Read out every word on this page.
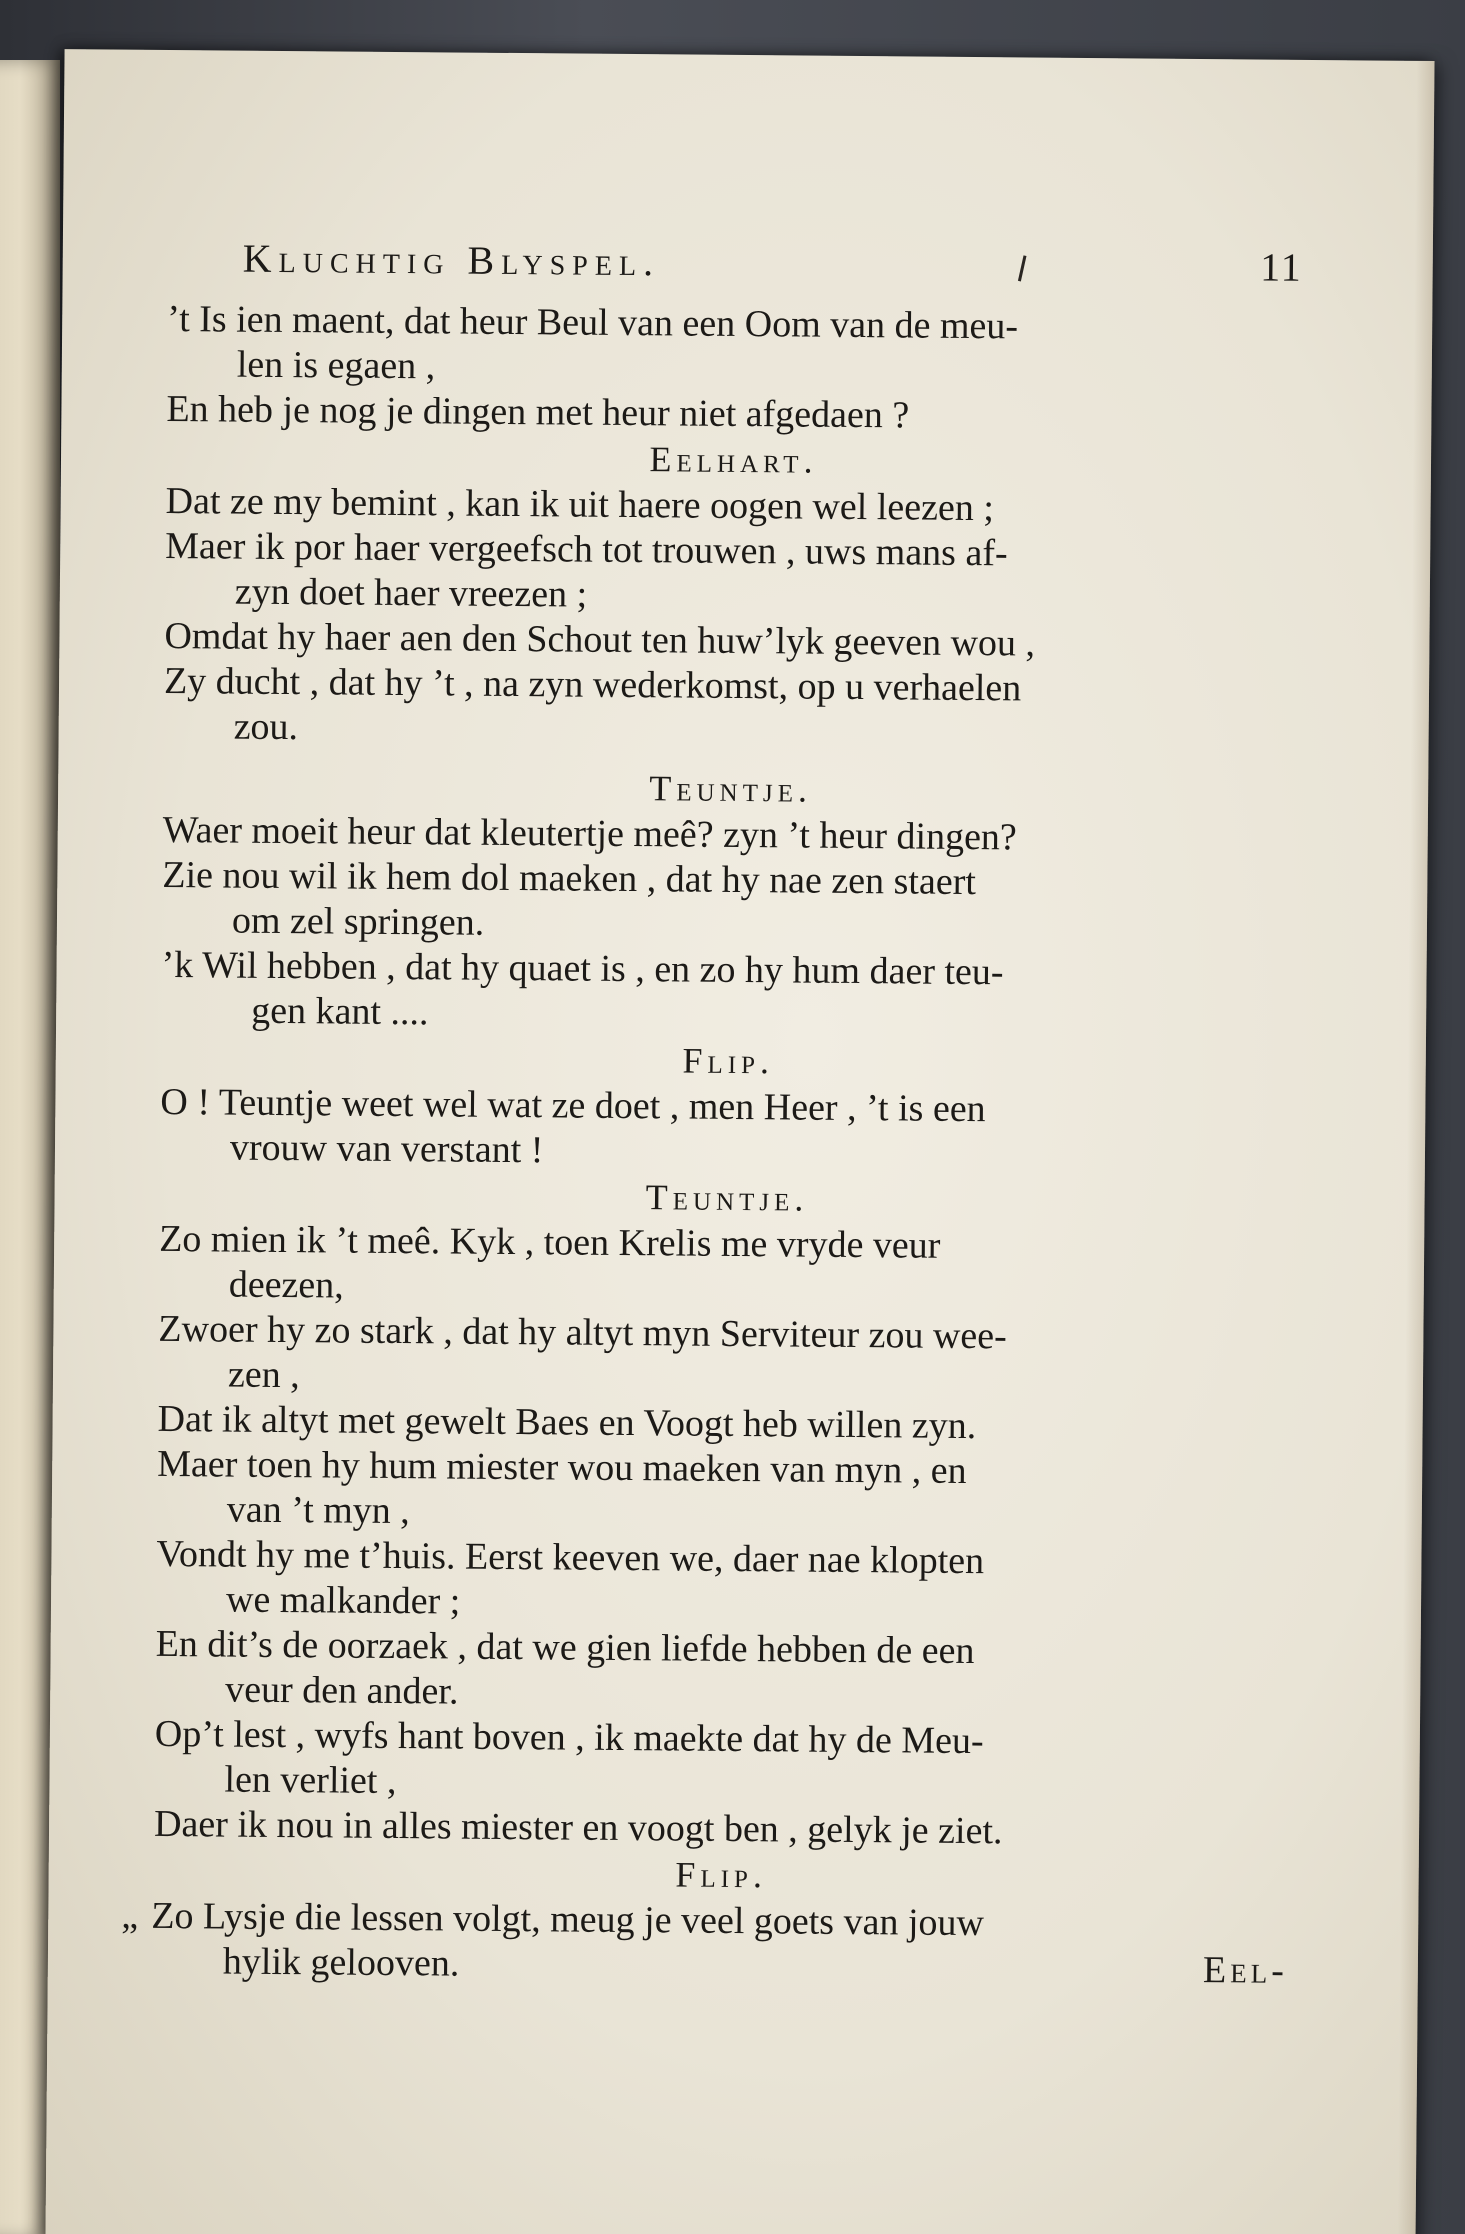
Kluchtig Blyspel.	11
’t Is ien maent, dat heur Beul van een Oom van de meu-
len is egaen ,
En heb je nog je dingen met heur niet afgedaen ?
Eelhart.
Dat ze my bemint , kan ik uit haere oogen wel leezen ;
Maer ik por haer vergeefsch tot trouwen , uws mans af-
zyn doet haer vreezen ;
Omdat hy haer aen den Schout ten huw’lyk geeven wou ,
Zy ducht , dat hy ’t , na zyn wederkomst, op u verhaelen
zou.
Teuntje.
Waer moeit heur dat kleutertje meê? zyn ’t heur dingen?
Zie nou wil ik hem dol maeken , dat hy nae zen staert
om zel springen.
’k Wil hebben , dat hy quaet is , en zo hy hum daer teu-
gen kant ....
Flip.
O ! Teuntje weet wel wat ze doet , men Heer , ’t is een
vrouw van verstant !
Teuntje.
Zo mien ik ’t meê. Kyk , toen Krelis me vryde veur
deezen,
Zwoer hy zo stark , dat hy altyt myn Serviteur zou wee-
zen ,
Dat ik altyt met gewelt Baes en Voogt heb willen zyn.
Maer toen hy hum miester wou maeken van myn , en
van ’t myn ,
Vondt hy me t’huis. Eerst keeven we, daer nae klopten
we malkander ;
En dit’s de oorzaek , dat we gien liefde hebben de een
veur den ander.
Op’t lest , wyfs hant boven , ik maekte dat hy de Meu-
len verliet ,
Daer ik nou in alles miester en voogt ben , gelyk je ziet.
Flip.
„ Zo Lysje die lessen volgt, meug je veel goets van jouw
hylik gelooven.	Eel-
